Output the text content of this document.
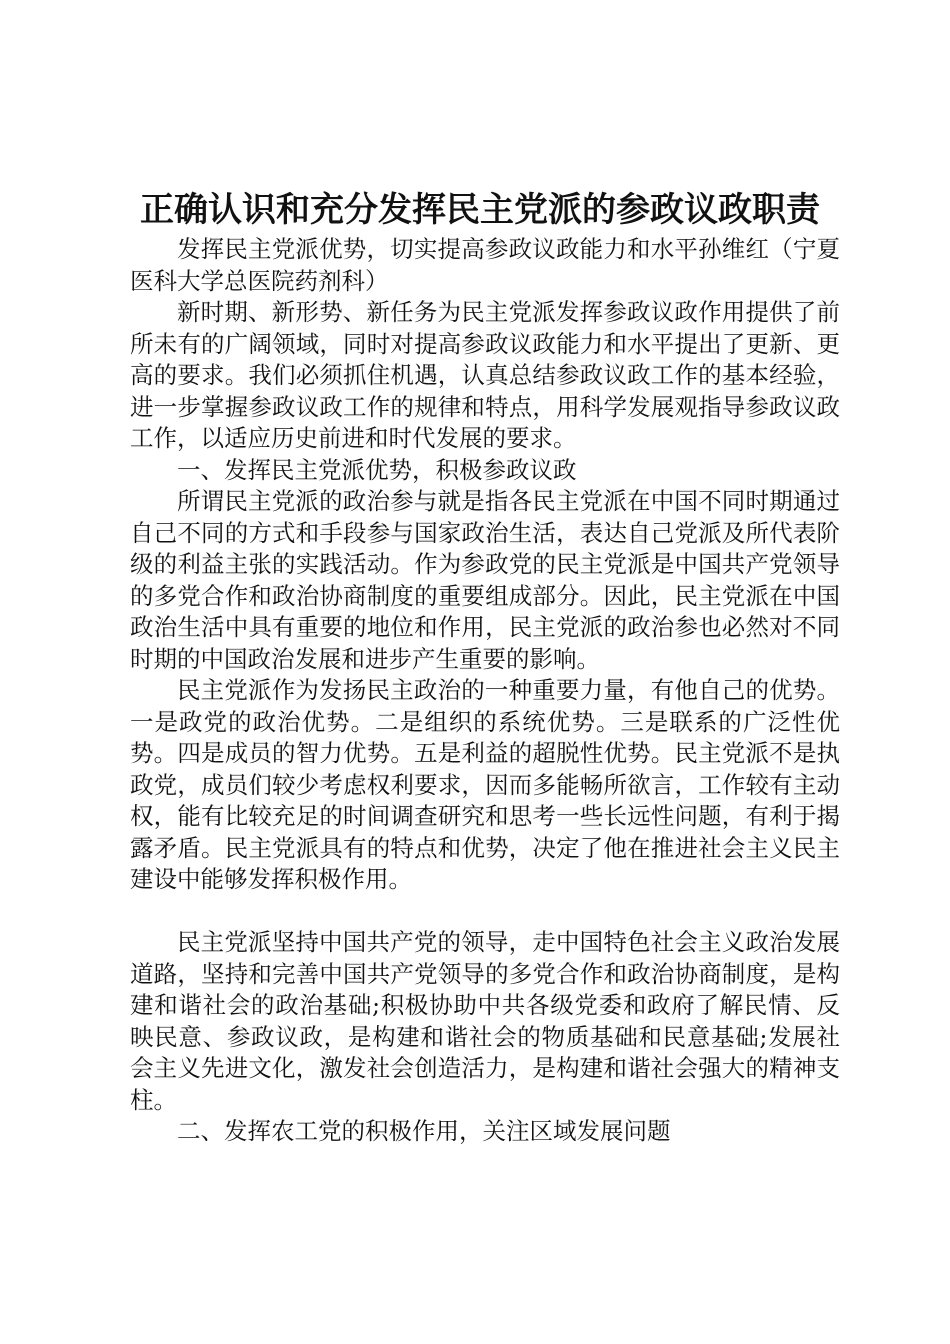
正确认识和充分发挥民主党派的参政议政职责

发挥民主党派优势，切实提高参政议政能力和水平孙维红（宁夏医科大学总医院药剂科）

新时期、新形势、新任务为民主党派发挥参政议政作用提供了前所未有的广阔领域，同时对提高参政议政能力和水平提出了更新、更高的要求。我们必须抓住机遇，认真总结参政议政工作的基本经验，进一步掌握参政议政工作的规律和特点，用科学发展观指导参政议政工作，以适应历史前进和时代发展的要求。

一、发挥民主党派优势，积极参政议政

所谓民主党派的政治参与就是指各民主党派在中国不同时期通过自己不同的方式和手段参与国家政治生活，表达自己党派及所代表阶级的利益主张的实践活动。作为参政党的民主党派是中国共产党领导的多党合作和政治协商制度的重要组成部分。因此，民主党派在中国政治生活中具有重要的地位和作用，民主党派的政治参也必然对不同时期的中国政治发展和进步产生重要的影响。

民主党派作为发扬民主政治的一种重要力量，有他自己的优势。一是政党的政治优势。二是组织的系统优势。三是联系的广泛性优势。四是成员的智力优势。五是利益的超脱性优势。民主党派不是执政党，成员们较少考虑权利要求，因而多能畅所欲言，工作较有主动权，能有比较充足的时间调查研究和思考一些长远性问题，有利于揭露矛盾。民主党派具有的特点和优势，决定了他在推进社会主义民主建设中能够发挥积极作用。

民主党派坚持中国共产党的领导，走中国特色社会主义政治发展道路，坚持和完善中国共产党领导的多党合作和政治协商制度，是构建和谐社会的政治基础;积极协助中共各级党委和政府了解民情、反映民意、参政议政，是构建和谐社会的物质基础和民意基础;发展社会主义先进文化，激发社会创造活力，是构建和谐社会强大的精神支柱。

二、发挥农工党的积极作用，关注区域发展问题
